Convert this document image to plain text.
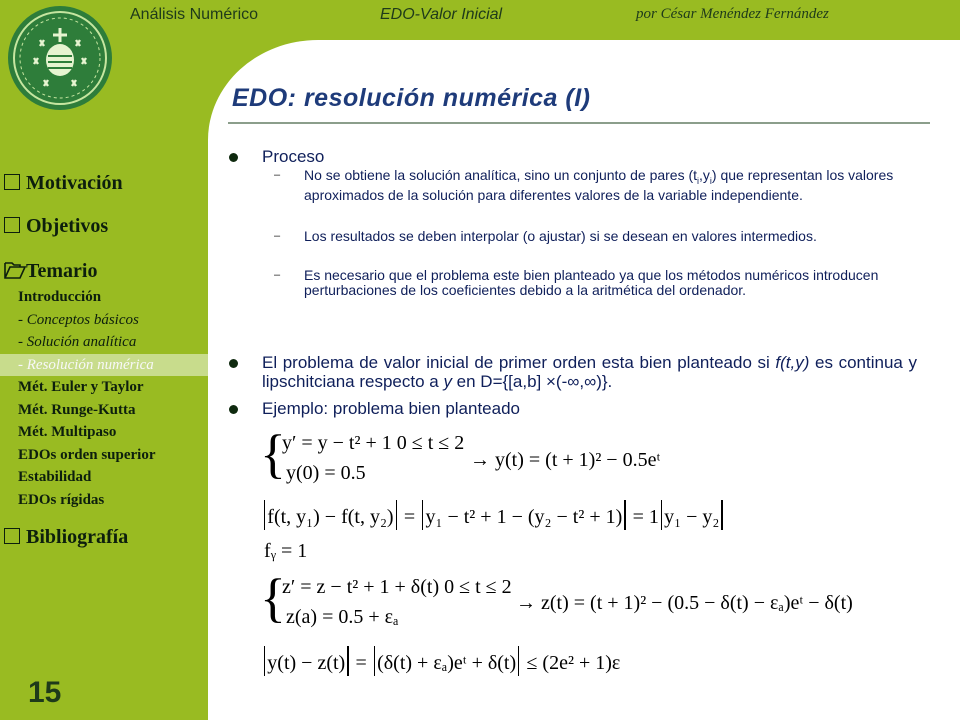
Análisis Numérico	EDO-Valor Inicial	por César Menéndez Fernández
EDO: resolución numérica (I)
Motivación
Objetivos
Temario
Introducción
- Conceptos básicos
- Solución analítica
- Resolución numérica
Mét. Euler y Taylor
Mét. Runge-Kutta
Mét. Multipaso
EDOs orden superior
Estabilidad
EDOs rígidas
Bibliografía
15
Proceso
– No se obtiene la solución analítica, sino un conjunto de pares $(t_i,y_i)$ que representan los valores aproximados de la solución para diferentes valores de la variable independiente.
– Los resultados se deben interpolar (o ajustar) si se desean en valores intermedios.
– Es necesario que el problema este bien planteado ya que los métodos numéricos introducen perturbaciones de los coeficientes debido a la aritmética del ordenador.
El problema de valor inicial de primer orden esta bien planteado si f(t,y) es continua y lipschitciana respecto a y en D={[a,b] ×(-∞,∞)}.
Ejemplo: problema bien planteado
{
y′ = y − t² + 1 0 ≤ t ≤ 2
y(0) = 0.5
→ y(t) = (t + 1)² − 0.5eᵗ
f(t, y₁) − f(t, y₂) = y₁ − t² + 1 − (y₂ − t² + 1) = 1 y₁ − y₂
fᵧ = 1
{
z′ = z − t² + 1 + δ(t) 0 ≤ t ≤ 2
z(a) = 0.5 + εₐ
→ z(t) = (t + 1)² − (0.5 − δ(t) − εₐ)eᵗ − δ(t)
y(t) − z(t) = (δ(t) + εₐ)eᵗ + δ(t) ≤ (2e² + 1)ε
